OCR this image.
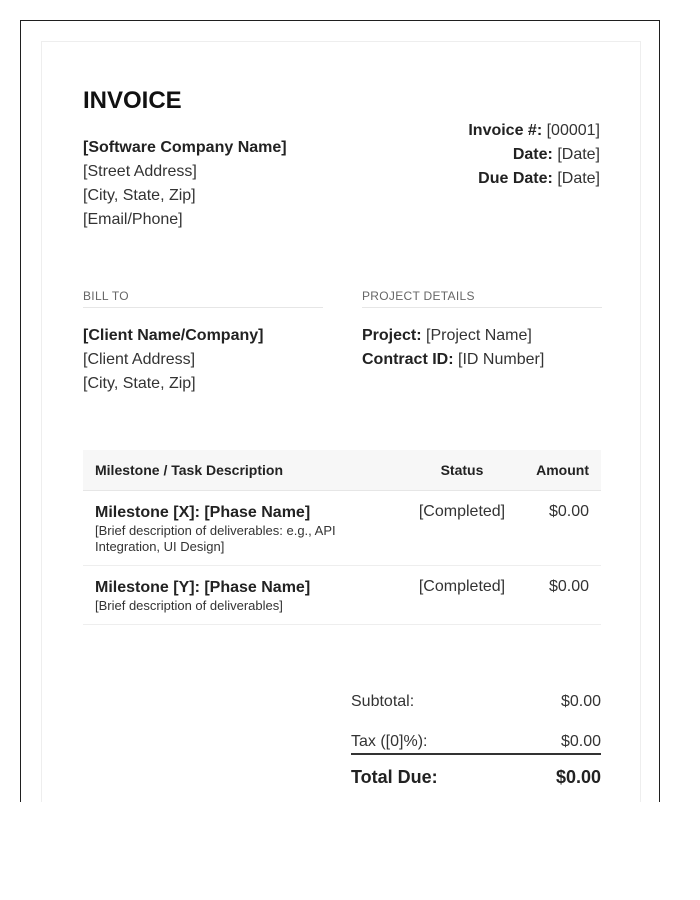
INVOICE
[Software Company Name]
[Street Address]
[City, State, Zip]
[Email/Phone]
Invoice #: [00001]
Date: [Date]
Due Date: [Date]
BILL TO
[Client Name/Company]
[Client Address]
[City, State, Zip]
PROJECT DETAILS
Project: [Project Name]
Contract ID: [ID Number]
Milestone / Task Description	Status	Amount

Milestone [X]: [Phase Name]
[Brief description of deliverables: e.g., API Integration, UI Design]	[Completed]	$0.00

Milestone [Y]: [Phase Name]
[Brief description of deliverables]	[Completed]	$0.00
Subtotal:	$0.00
Tax ([0]%):	$0.00
Total Due:	$0.00
